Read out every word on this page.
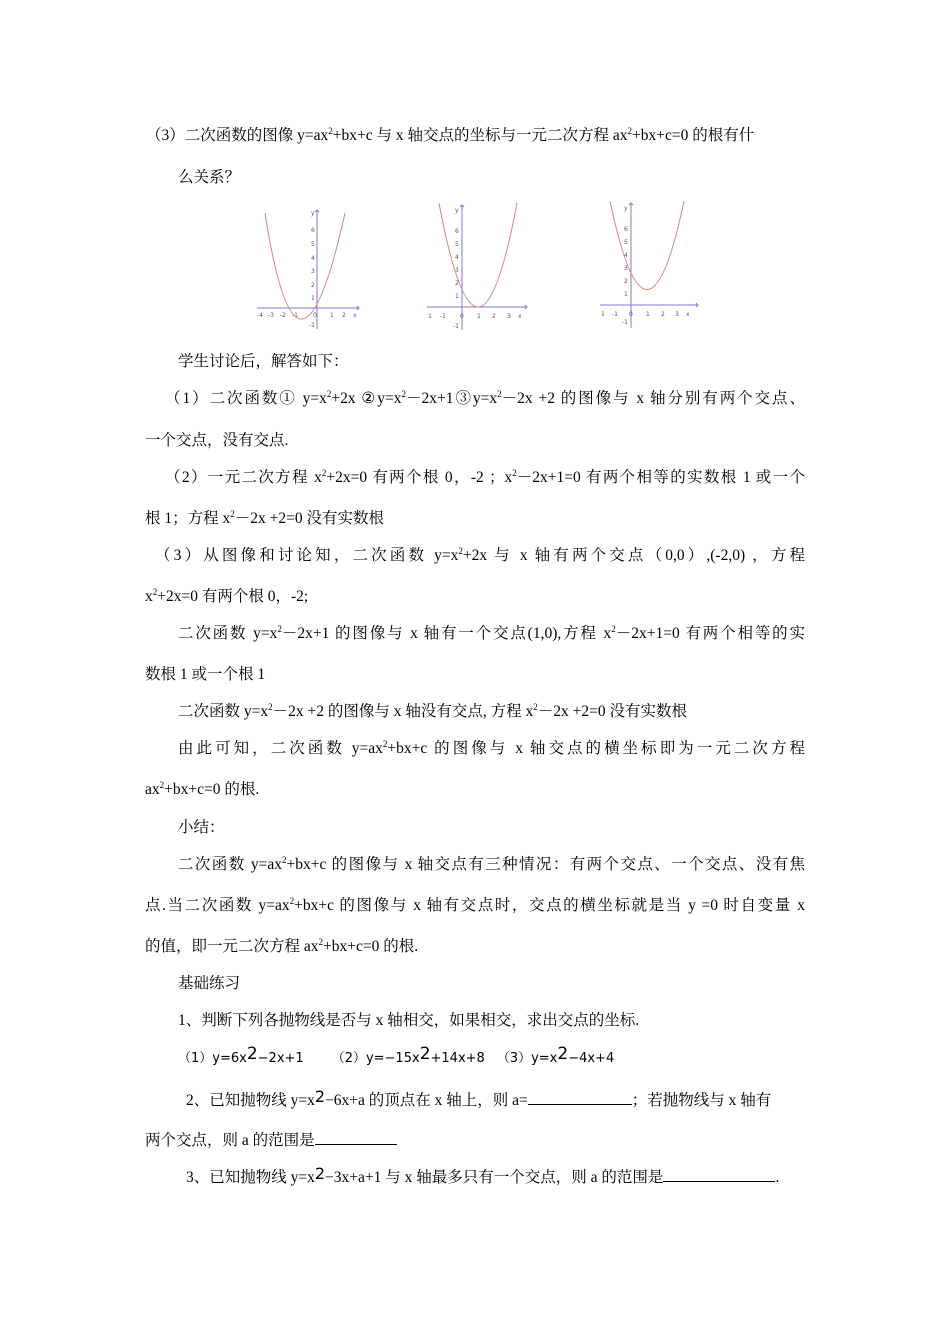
（3）二次函数的图像 $y=ax^2+bx+c$ 与 x 轴交点的坐标与一元二次方程 $ax^2+bx+c=0$ 的根有什
么关系？
-4 -3 -2 -1	0 1 2 x
y
6
5
4
3
2
1
-1
1 -1 0 1 2 3 x
y
6
5
4
3
2
1
-1
1 -1 0 1 2 3 x
y
6
5
4
3
2
1
-1
学生讨论后，解答如下：
（1）二次函数① $y=x^2+2x$ $②y=x^2-2x+1③y=x^2-2x +2$ 的图像与 x 轴分别有两个交点、
一个交点，没有交点.
（2）一元二次方程 $x^2+2x=0$ 有两个根 0，-2 ；$x^2-2x+1=0$ 有两个相等的实数根 1 或一个
根 1；方程 $x^2-2x +2=0$ 没有实数根
（3）从图像和讨论知，二次函数 $y=x^2+2x$ 与 x 轴有两个交点（0,0）,(-2,0) ，方程
$x^2+2x=0$ 有两个根 0，-2;
二次函数 $y=x^2-2x+1$ 的图像与 x 轴有一个交点(1,0),方程 $x^2-2x+1=0$ 有两个相等的实
数根 1 或一个根 1
二次函数 $y=x^2-2x +2$ 的图像与 x 轴没有交点, 方程 $x^2-2x +2=0$ 没有实数根
由此可知，二次函数 $y=ax^2+bx+c$ 的图像与 x 轴交点的横坐标即为一元二次方程
$ax^2+bx+c=0$ 的根.
小结：
二次函数 $y=ax^2+bx+c$ 的图像与 x 轴交点有三种情况：有两个交点、一个交点、没有焦
点.当二次函数 $y=ax^2+bx+c$ 的图像与 x 轴有交点时，交点的横坐标就是当 y =0 时自变量 x
的值，即一元二次方程 $ax^2+bx+c=0$ 的根.
基础练习
1、判断下列各抛物线是否与 x 轴相交，如果相交，求出交点的坐标.
（1）y=6x2−2x+1 （2）y=−15x2+14x+8 （3）y=x2−4x+4
2、已知抛物线 y=x2−6x+a 的顶点在 x 轴上，则 a=	；若抛物线与 x 轴有
两个交点，则 a 的范围是
3、已知抛物线 y=x2−3x+a+1 与 x 轴最多只有一个交点，则 a 的范围是	.
